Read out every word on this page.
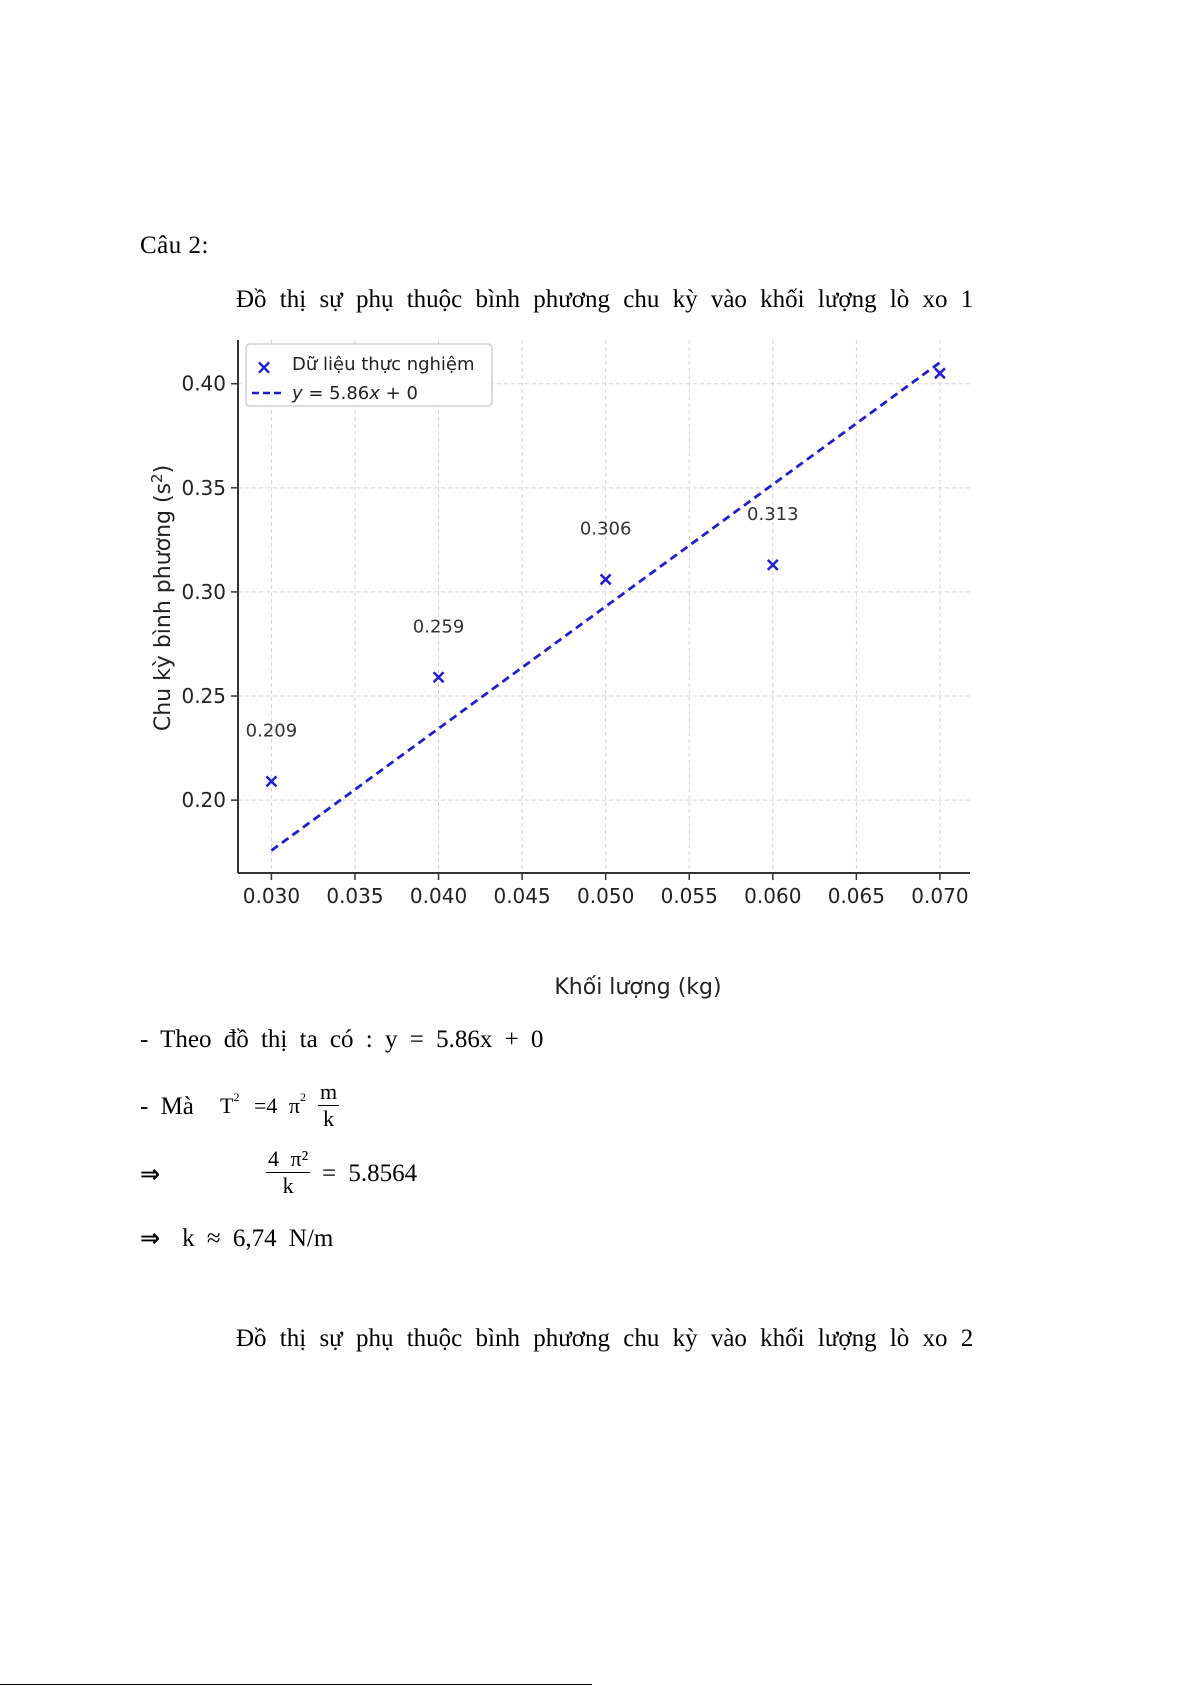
Câu 2:
Đồ thị sự phụ thuộc bình phương chu kỳ vào khối lượng lò xo 1
0.030 0.035 0.040 0.045 0.050 0.055 0.060 0.065 0.070
0.20
0.25
0.30
0.35
0.40
0.209
0.259
0.306
0.313
Khối lượng (kg)
Chu kỳ bình phương $(s^2)$
× Dữ liệu thực nghiệm
y = 5.86x + 0
- Theo đồ thị ta có : y = 5.86x + 0
- Mà $T^2 =4$ $\pi^2 \frac{m}{k}$
⇒	$\frac{\text{4 π²}}{k} = 5.8564$
⇒ k ≈ 6,74 N/m
Đồ thị sự phụ thuộc bình phương chu kỳ vào khối lượng lò xo 2
